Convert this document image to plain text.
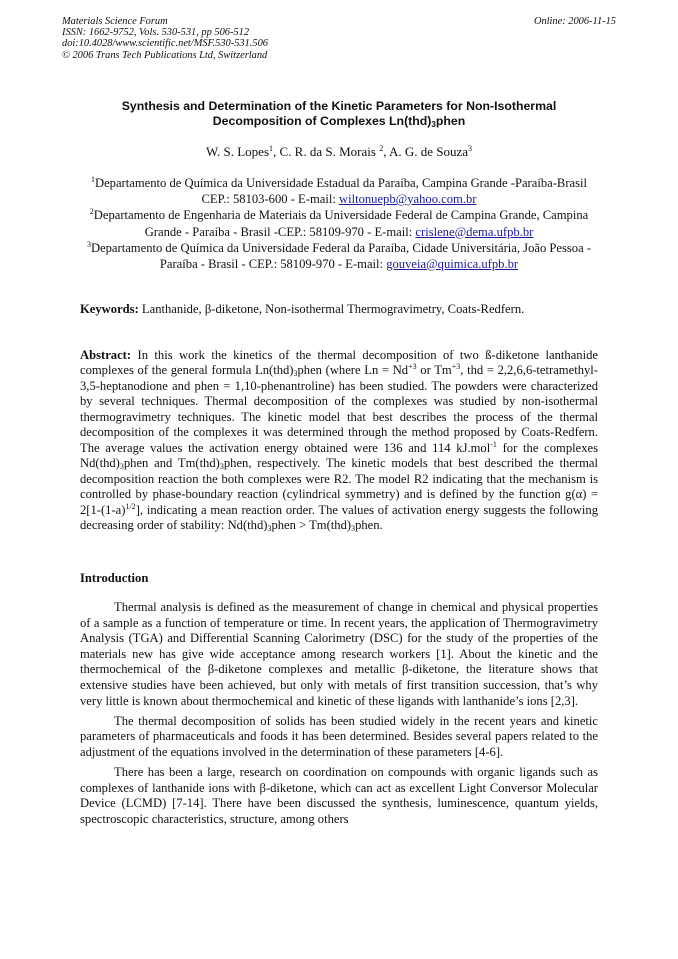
Materials Science Forum
ISSN: 1662-9752, Vols. 530-531, pp 506-512
doi:10.4028/www.scientific.net/MSF.530-531.506
© 2006 Trans Tech Publications Ltd, Switzerland
Online: 2006-11-15
Synthesis and Determination of the Kinetic Parameters for Non-Isothermal
Decomposition of Complexes $Ln(thd)_3phen$
W. S. Lopes$^1$, C. R. da S. Morais $^2$, A. G. de Souza$^3$
$^1$Departamento de Química da Universidade Estadual da Paraíba, Campina Grande -Paraíba-Brasil CEP.: 58103-600 - E-mail: wiltonuepb@yahoo.com.br
$^2$Departamento de Engenharia de Materiais da Universidade Federal de Campina Grande, Campina Grande - Paraíba - Brasil -CEP.: 58109-970 - E-mail: crislene@dema.ufpb.br
$^3$Departamento de Química da Universidade Federal da Paraíba, Cidade Universitária, João Pessoa - Paraíba - Brasil - CEP.: 58109-970 - E-mail: gouveia@quimica.ufpb.br
Keywords: Lanthanide, β-diketone, Non-isothermal Thermogravimetry, Coats-Redfern.
Abstract: In this work the kinetics of the thermal decomposition of two ß-diketone lanthanide complexes of the general formula $Ln(thd)_3phen$ (where $Ln = Nd^{+3}$ or $Tm^{+3}$, thd = 2,2,6,6-tetramethyl-3,5-heptanodione and phen = 1,10-phenantroline) has been studied. The powders were characterized by several techniques. Thermal decomposition of the complexes was studied by non-isothermal thermogravimetry techniques. The kinetic model that best describes the process of the thermal decomposition of the complexes it was determined through the method proposed by Coats-Redfern. The average values the activation energy obtained were 136 and 114 kJ.mol$^{-1}$ for the complexes $Nd(thd)_3phen$ and $Tm(thd)_3phen$, respectively. The kinetic models that best described the thermal decomposition reaction the both complexes were R2. The model R2 indicating that the mechanism is controlled by phase-boundary reaction (cylindrical symmetry) and is defined by the function $g(\alpha) = 2[1-(1-a)^{1/2}]$, indicating a mean reaction order. The values of activation energy suggests the following decreasing order of stability: $Nd(thd)_3phen$ > $Tm(thd)_3phen$.
Introduction

Thermal analysis is defined as the measurement of change in chemical and physical properties of a sample as a function of temperature or time. In recent years, the application of Thermogravimetry Analysis (TGA) and Differential Scanning Calorimetry (DSC) for the study of the properties of the materials new has give wide acceptance among research workers [1]. About the kinetic and the thermochemical of the β-diketone complexes and metallic β-diketone, the literature shows that extensive studies have been achieved, but only with metals of first transition succession, that’s why very little is known about thermochemical and kinetic of these ligands with lanthanide’s ions [2,3].

The thermal decomposition of solids has been studied widely in the recent years and kinetic parameters of pharmaceuticals and foods it has been determined. Besides several papers related to the adjustment of the equations involved in the determination of these parameters [4-6].

There has been a large, research on coordination on compounds with organic ligands such as complexes of lanthanide ions with β-diketone, which can act as excellent Light Conversor Molecular Device (LCMD) [7-14]. There have been discussed the synthesis, luminescence, quantum yields, spectroscopic characteristics, structure, among others
